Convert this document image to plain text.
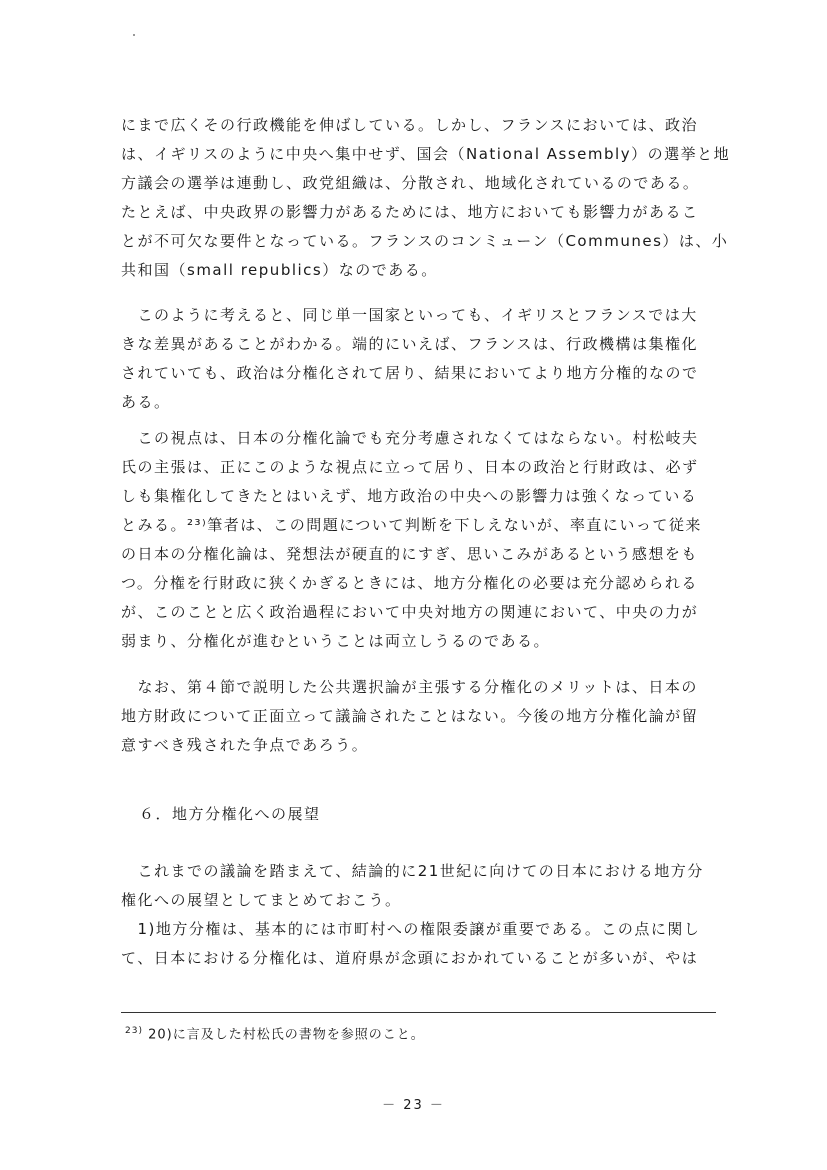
にまで広くその行政機能を伸ばしている。しかし、フランスにおいては、政治
は、イギリスのように中央へ集中せず、国会（National Assembly）の選挙と地
方議会の選挙は連動し、政党組織は、分散され、地域化されているのである。
たとえば、中央政界の影響力があるためには、地方においても影響力があるこ
とが不可欠な要件となっている。フランスのコンミューン（Communes）は、小
共和国（small republics）なのである。
　このように考えると、同じ単一国家といっても、イギリスとフランスでは大
きな差異があることがわかる。端的にいえば、フランスは、行政機構は集権化
されていても、政治は分権化されて居り、結果においてより地方分権的なので
ある。
　この視点は、日本の分権化論でも充分考慮されなくてはならない。村松岐夫
氏の主張は、正にこのような視点に立って居り、日本の政治と行財政は、必ず
しも集権化してきたとはいえず、地方政治の中央への影響力は強くなっている
とみる。²³⁾筆者は、この問題について判断を下しえないが、率直にいって従来
の日本の分権化論は、発想法が硬直的にすぎ、思いこみがあるという感想をも
つ。分権を行財政に狭くかぎるときには、地方分権化の必要は充分認められる
が、このことと広く政治過程において中央対地方の関連において、中央の力が
弱まり、分権化が進むということは両立しうるのである。
　なお、第４節で説明した公共選択論が主張する分権化のメリットは、日本の
地方財政について正面立って議論されたことはない。今後の地方分権化論が留
意すべき残された争点であろう。
６．地方分権化への展望
　これまでの議論を踏まえて、結論的に21世紀に向けての日本における地方分
権化への展望としてまとめておこう。
　1)地方分権は、基本的には市町村への権限委譲が重要である。この点に関し
て、日本における分権化は、道府県が念頭におかれていることが多いが、やは
$^{23)}$ 20)に言及した村松氏の書物を参照のこと。
－ 23 －
